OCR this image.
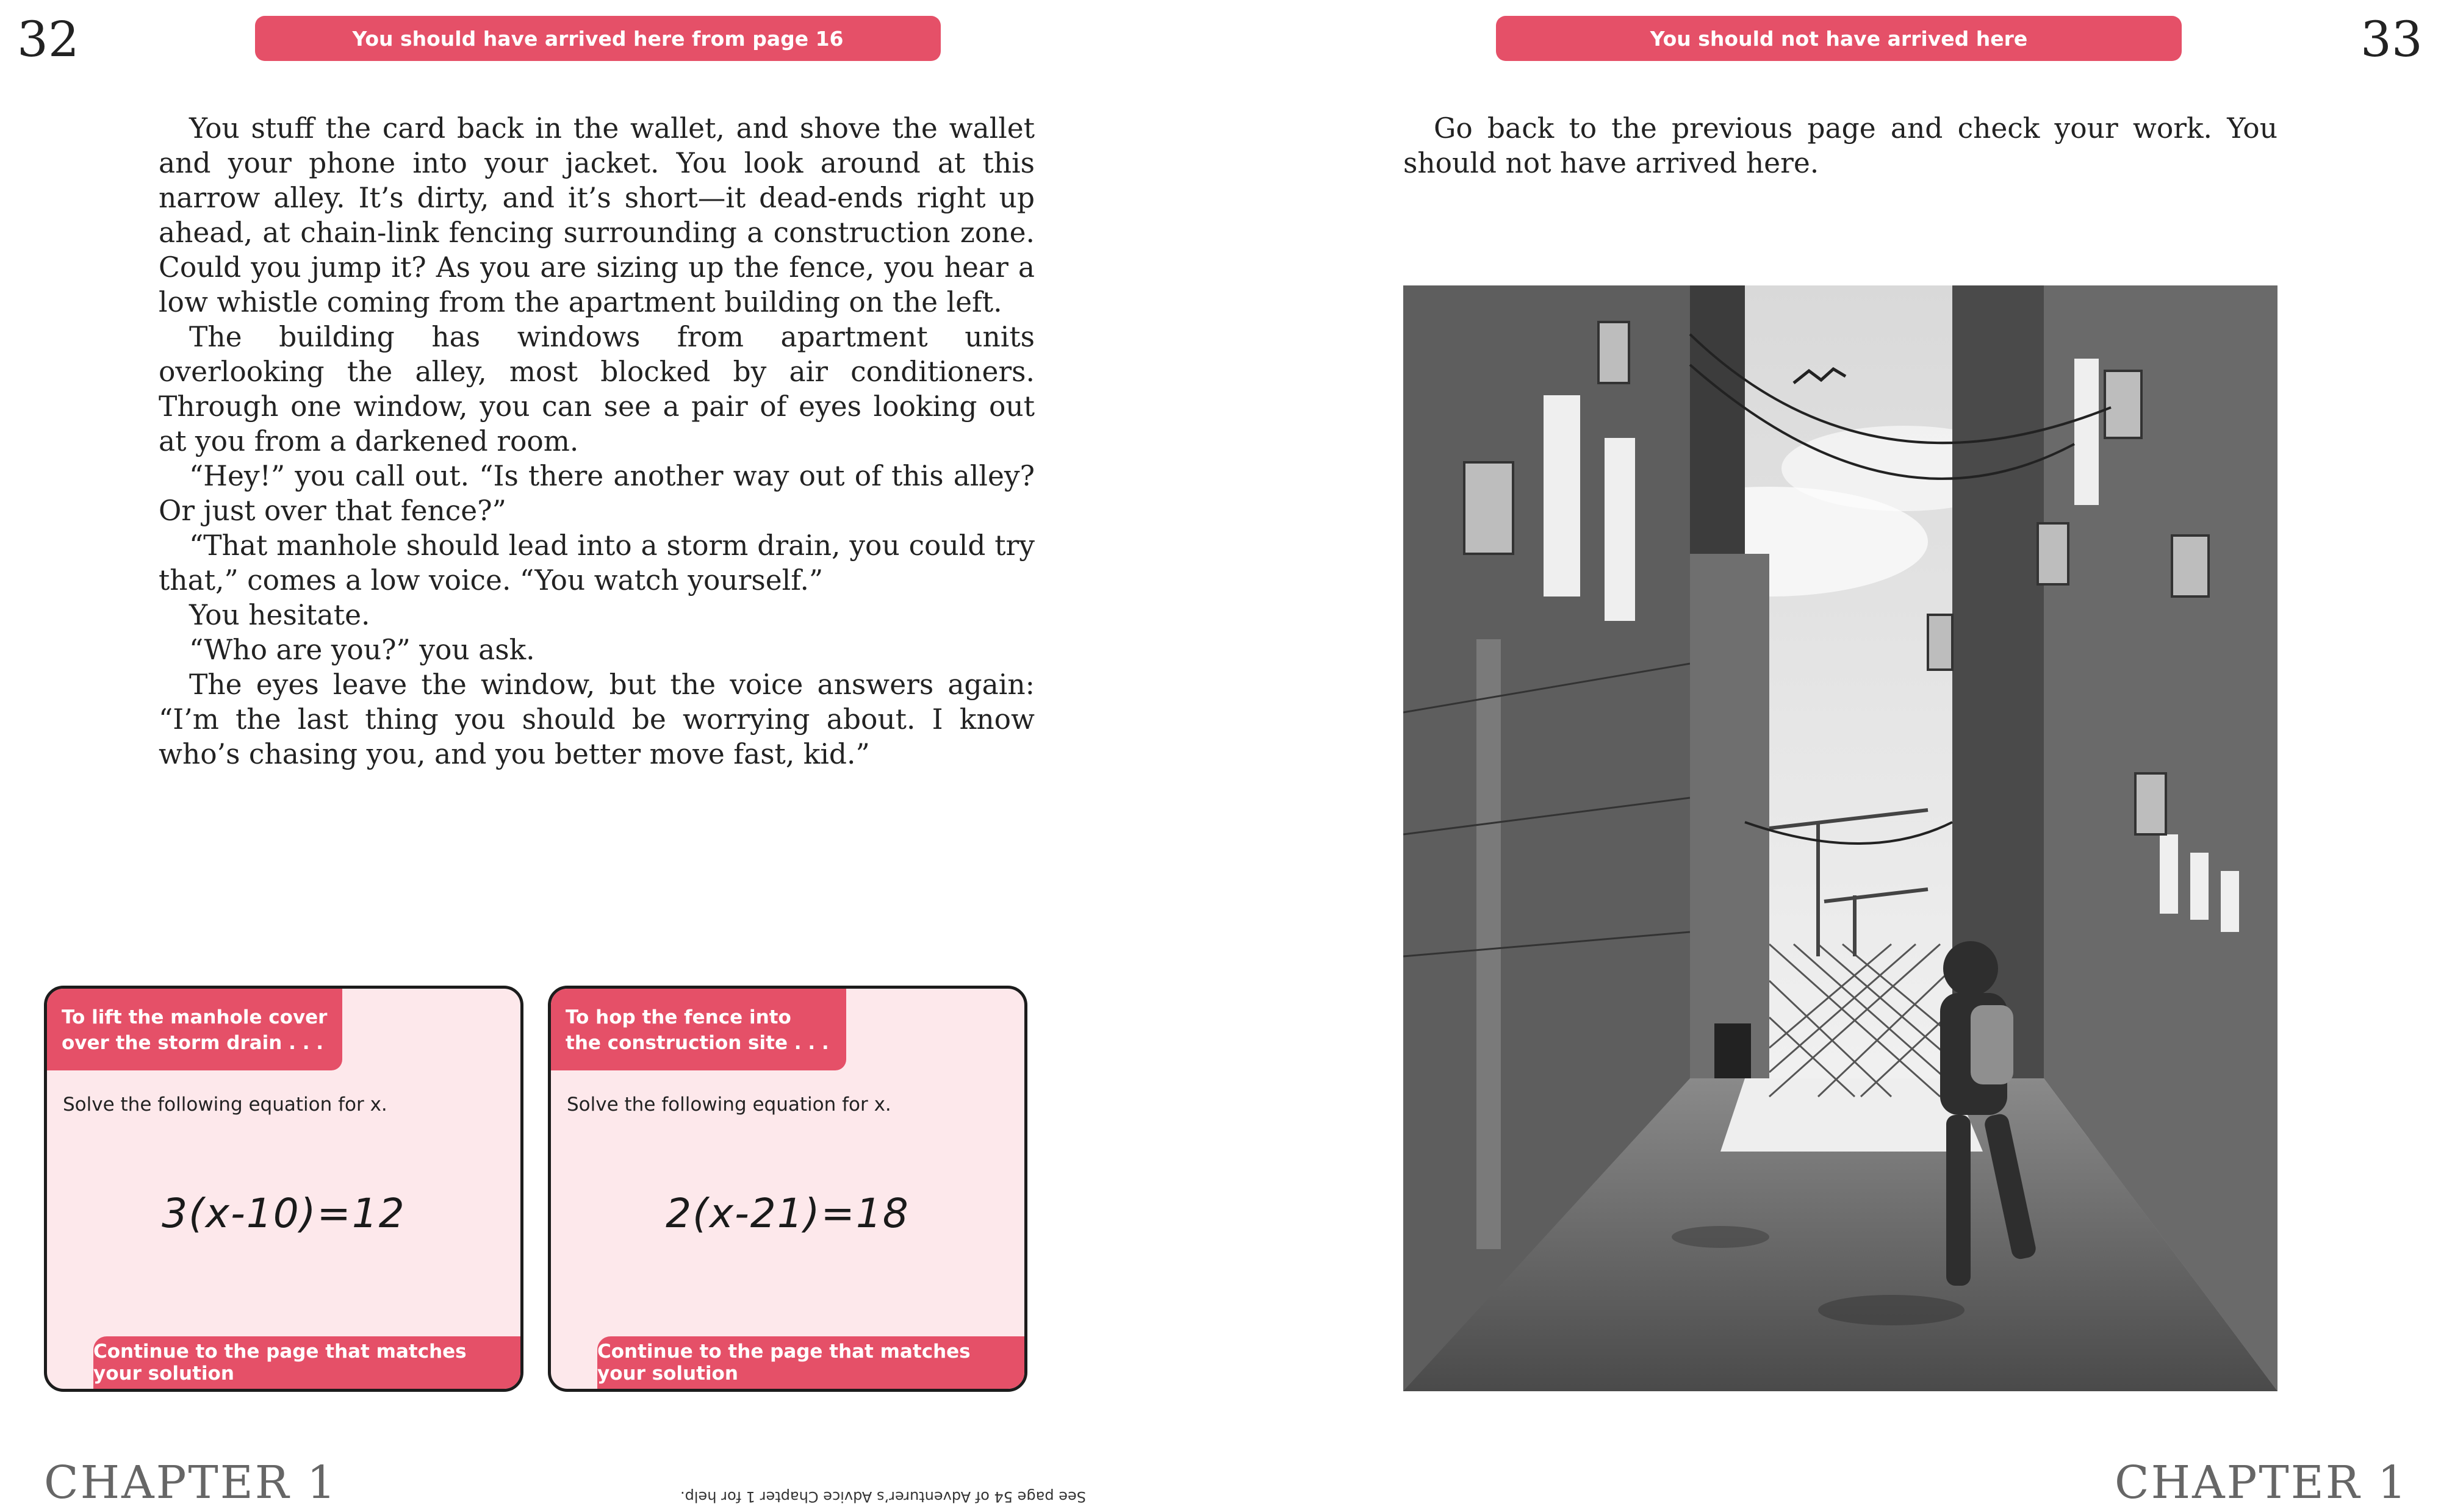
32	You should have arrived here from page 16

You stuff the card back in the wallet, and shove the wallet and your phone into your jacket. You look around at this narrow alley. It’s dirty, and it’s short—it dead-ends right up ahead, at chain-link fencing surrounding a construction zone. Could you jump it? As you are sizing up the fence, you hear a low whistle coming from the apartment building on the left.

The building has windows from apartment units overlooking the alley, most blocked by air conditioners. Through one window, you can see a pair of eyes looking out at you from a darkened room.

“Hey!” you call out. “Is there another way out of this alley? Or just over that fence?”

“That manhole should lead into a storm drain, you could try that,” comes a low voice. “You watch yourself.”

You hesitate.

“Who are you?” you ask.

The eyes leave the window, but the voice answers again: “I’m the last thing you should be worrying about. I know who’s chasing you, and you better move fast, kid.”

To lift the manhole cover over the storm drain . . .
Solve the following equation for x.
3(x-10)=12
Continue to the page that matches your solution
To hop the fence into the construction site . . .
Solve the following equation for x.
2(x-21)=18
Continue to the page that matches your solution
CHAPTER 1	See page 54 of Adventurer’s Advice Chapter 1 for help.
You should not have arrived here	33

Go back to the previous page and check your work. You should not have arrived here.

CHAPTER 1
